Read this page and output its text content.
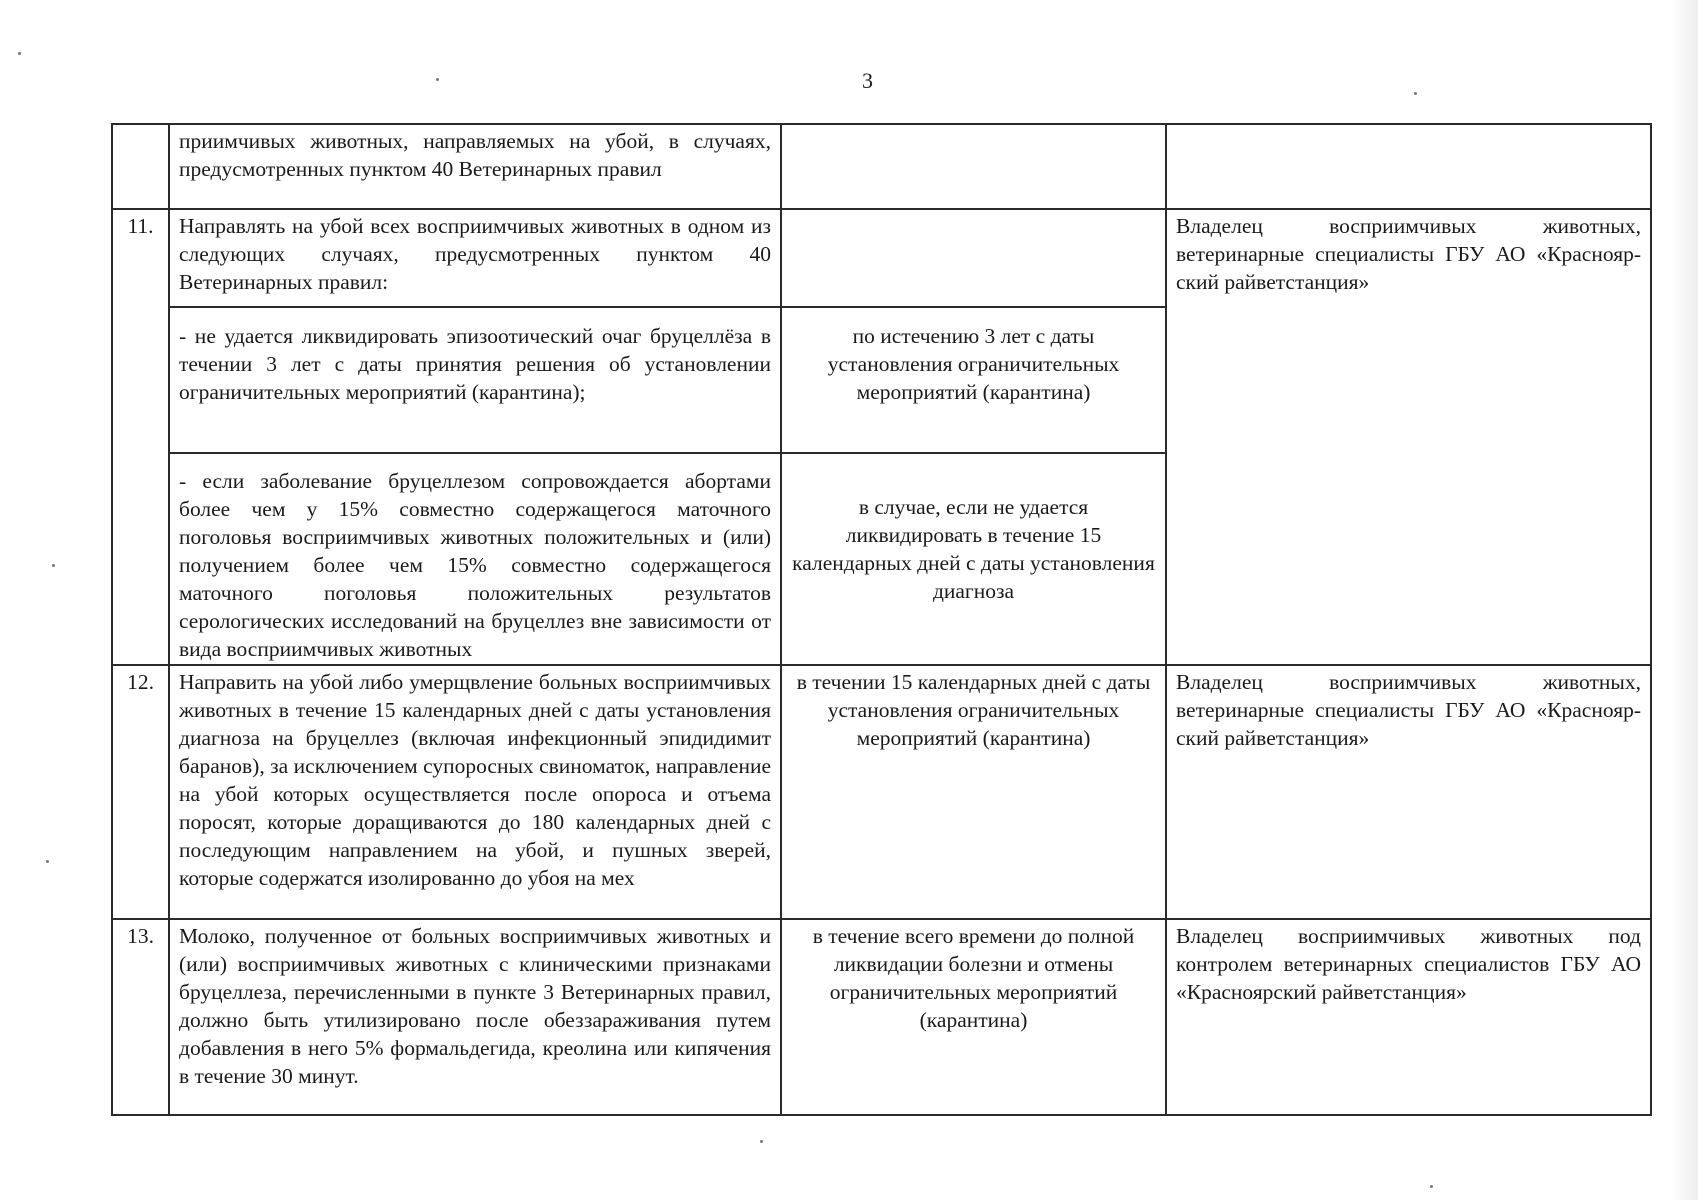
3
	приимчивых животных, направляемых на убой, в случаях, предусмотренных пунктом 40 Ветеринарных правил		
11.	Направлять на убой всех восприимчивых животных в одном из следующих случаях, предусмотренных пунктом 40 Ветеринарных правил:		Владелец восприимчивых животных, ветеринарные специалисты ГБУ АО «Краснояр-ский райветстанция»
	- не удается ликвидировать эпизоотический очаг бруцеллёза в течении 3 лет с даты принятия решения об установлении ограничительных мероприятий (карантина);	по истечению 3 лет с даты установления ограничительных мероприятий (карантина)	
	- если заболевание бруцеллезом сопровождается абортами более чем у 15% совместно содержащегося маточного поголовья восприимчивых животных положительных и (или) получением более чем 15% совместно содержащегося маточного поголовья положительных результатов серологических исследований на бруцеллез вне зависимости от вида восприимчивых животных	в случае, если не удается ликвидировать в течение 15 календарных дней с даты установления диагноза	
12.	Направить на убой либо умерщвление больных восприимчивых животных в течение 15 календарных дней с даты установления диагноза на бруцеллез (включая инфекционный эпидидимит баранов), за исключением супоросных свиноматок, направление на убой которых осуществляется после опороса и отъема поросят, которые доращиваются до 180 календарных дней с последующим направлением на убой, и пушных зверей, которые содержатся изолированно до убоя на мех	в течении 15 календарных дней с даты установления ограничительных мероприятий (карантина)	Владелец восприимчивых животных, ветеринарные специалисты ГБУ АО «Краснояр-ский райветстанция»
13.	Молоко, полученное от больных восприимчивых животных и (или) восприимчивых животных с клиническими признаками бруцеллеза, перечисленными в пункте 3 Ветеринарных правил, должно быть утилизировано после обеззараживания путем добавления в него 5% формальдегида, креолина или кипячения в течение 30 минут.	в течение всего времени до полной ликвидации болезни и отмены ограничительных мероприятий (карантина)	Владелец восприимчивых животных под контролем ветеринарных специалистов ГБУ АО «Красноярский райветстанция»
